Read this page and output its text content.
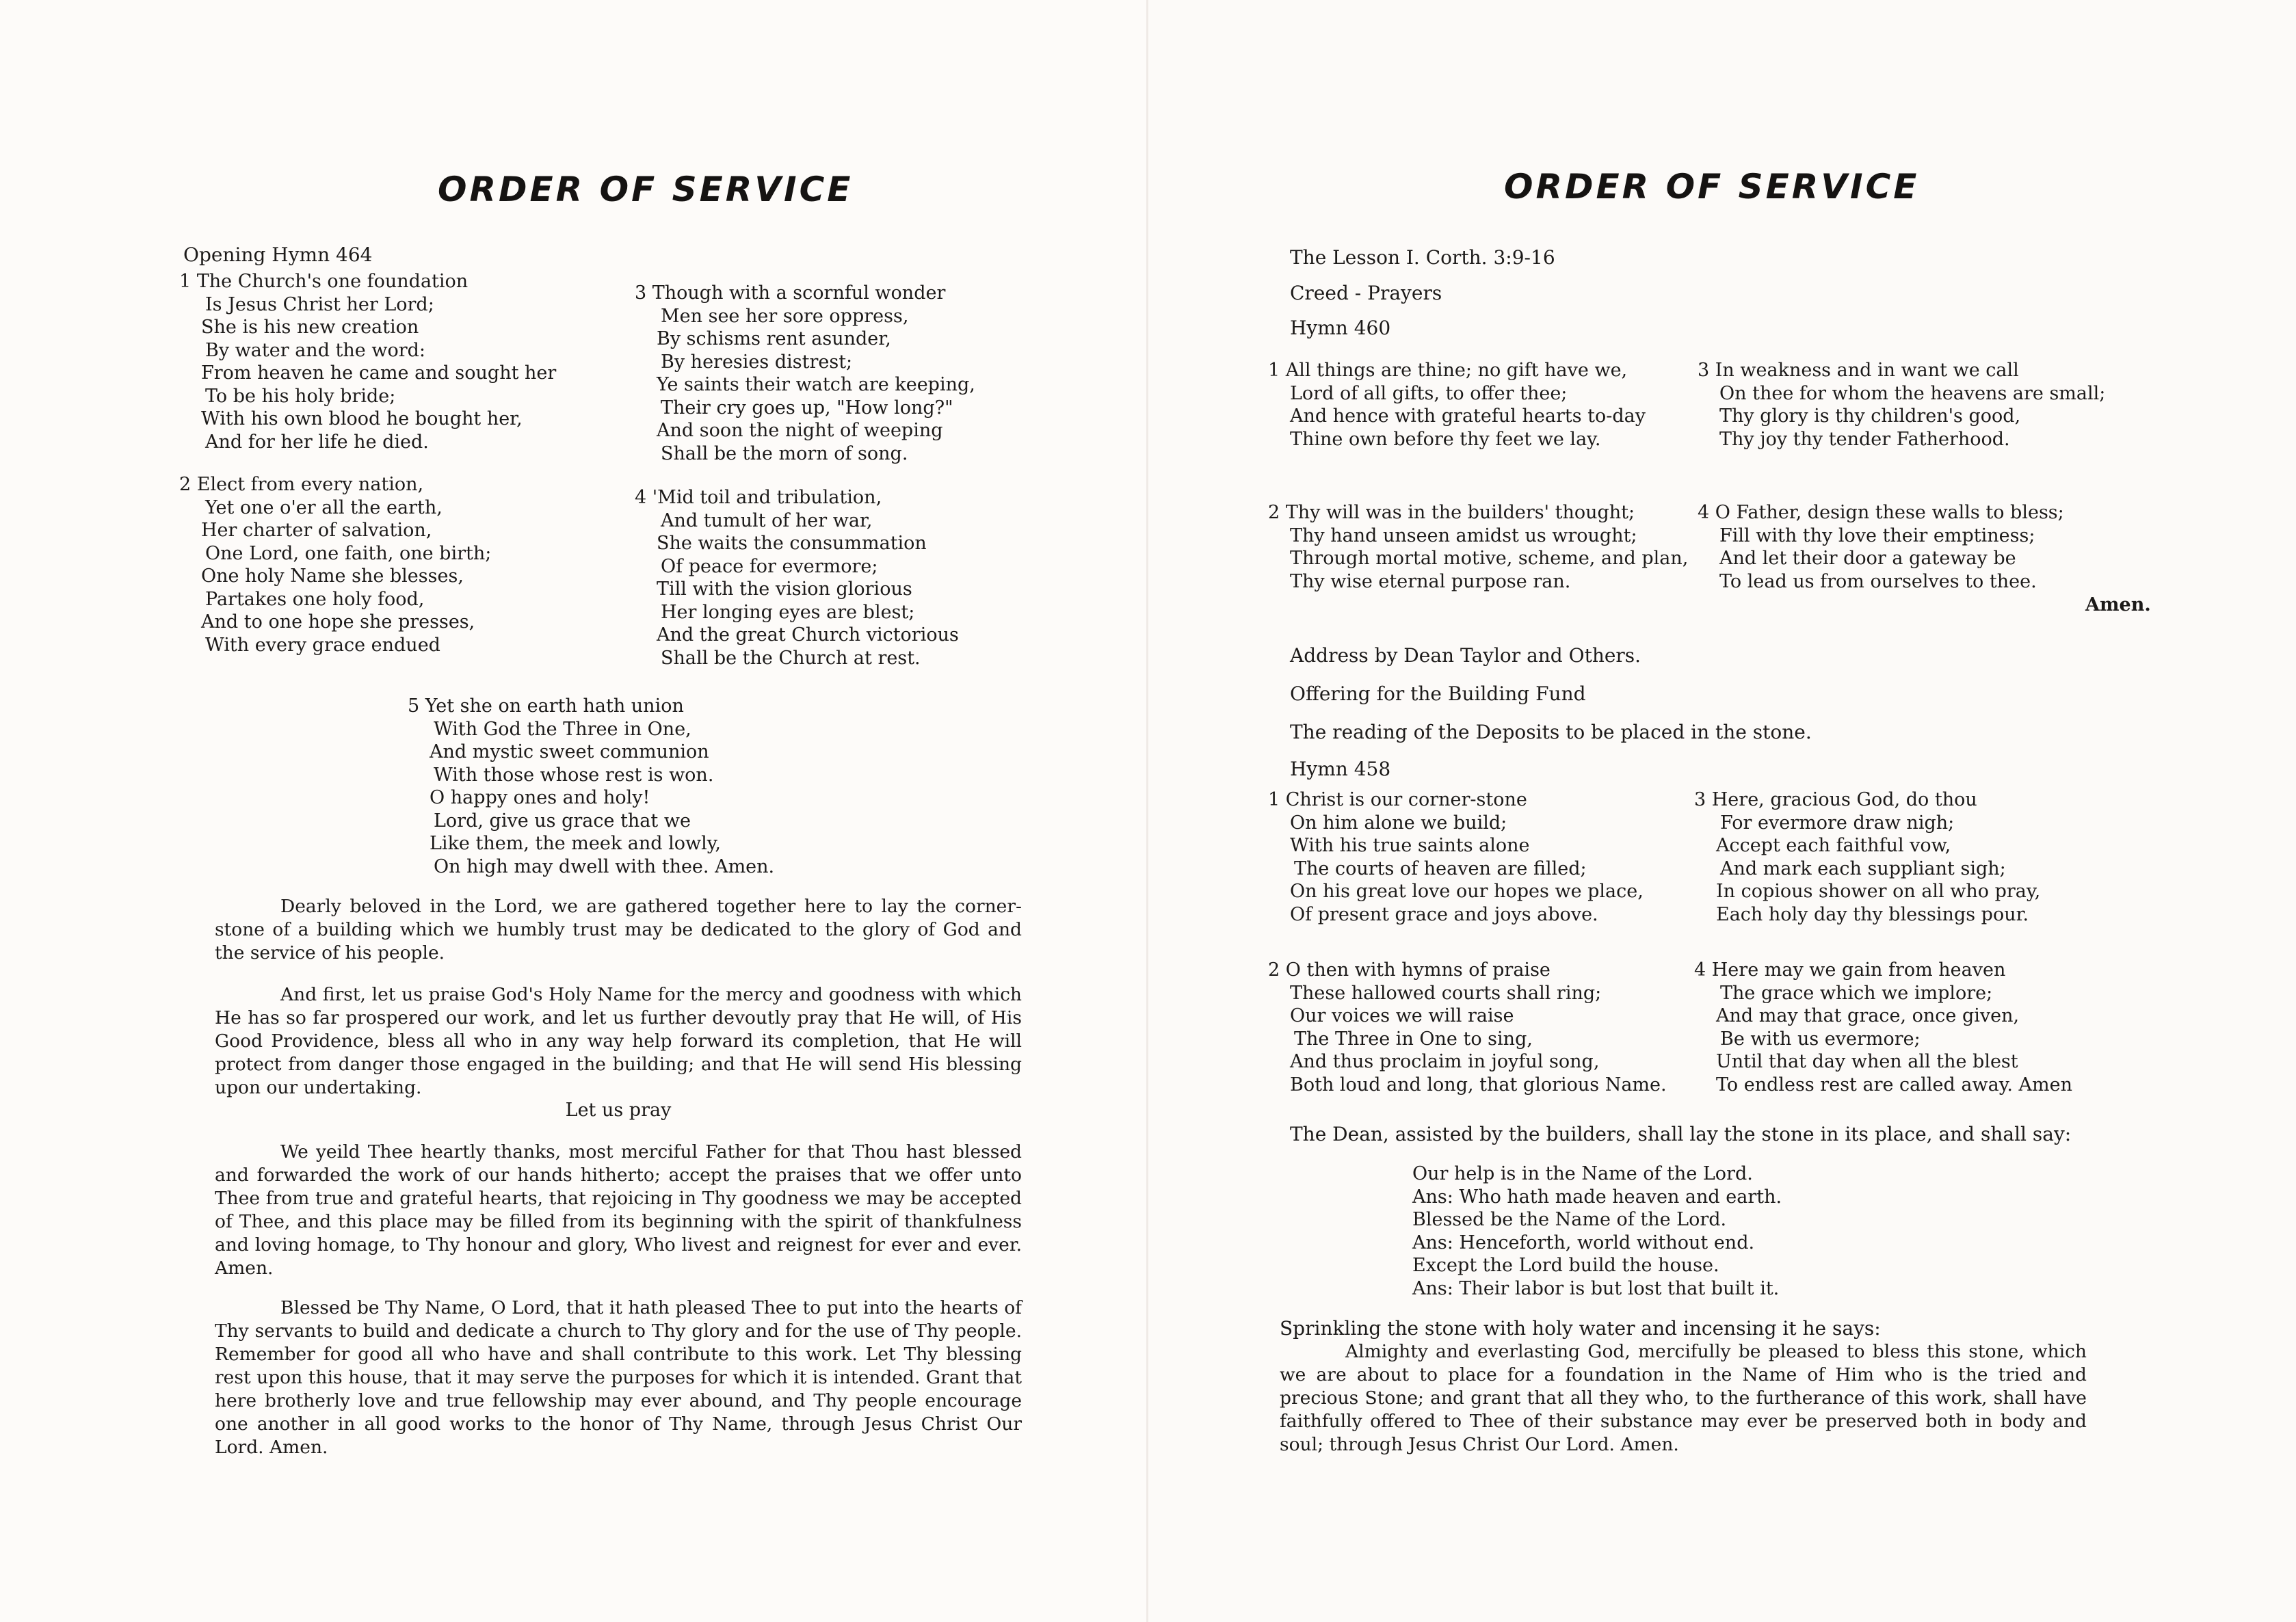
ORDER OF SERVICE
Opening Hymn 464
1 The Church's one foundation
Is Jesus Christ her Lord;
She is his new creation
By water and the word:
From heaven he came and sought her
To be his holy bride;
With his own blood he bought her,
And for her life he died.
2 Elect from every nation,
Yet one o'er all the earth,
Her charter of salvation,
One Lord, one faith, one birth;
One holy Name she blesses,
Partakes one holy food,
And to one hope she presses,
With every grace endued
3 Though with a scornful wonder
Men see her sore oppress,
By schisms rent asunder,
By heresies distrest;
Ye saints their watch are keeping,
Their cry goes up, "How long?"
And soon the night of weeping
Shall be the morn of song.
4 'Mid toil and tribulation,
And tumult of her war,
She waits the consummation
Of peace for evermore;
Till with the vision glorious
Her longing eyes are blest;
And the great Church victorious
Shall be the Church at rest.
5 Yet she on earth hath union
With God the Three in One,
And mystic sweet communion
With those whose rest is won.
O happy ones and holy!
Lord, give us grace that we
Like them, the meek and lowly,
On high may dwell with thee. Amen.

Dearly beloved in the Lord, we are gathered together here to lay the corner-stone of a building which we humbly trust may be dedicated to the glory of God and the service of his people.

And first, let us praise God's Holy Name for the mercy and goodness with which He has so far prospered our work, and let us further devoutly pray that He will, of His Good Providence, bless all who in any way help forward its completion, that He will protect from danger those engaged in the building; and that He will send His blessing upon our undertaking.

Let us pray

We yeild Thee heartly thanks, most merciful Father for that Thou hast blessed and forwarded the work of our hands hitherto; accept the praises that we offer unto Thee from true and grateful hearts, that rejoicing in Thy goodness we may be accepted of Thee, and this place may be filled from its beginning with the spirit of thankfulness and loving homage, to Thy honour and glory, Who livest and reignest for ever and ever. Amen.

Blessed be Thy Name, O Lord, that it hath pleased Thee to put into the hearts of Thy servants to build and dedicate a church to Thy glory and for the use of Thy people. Remember for good all who have and shall contribute to this work. Let Thy blessing rest upon this house, that it may serve the purposes for which it is intended. Grant that here brotherly love and true fellowship may ever abound, and Thy people encourage one another in all good works to the honor of Thy Name, through Jesus Christ Our Lord. Amen.

ORDER OF SERVICE
The Lesson I. Corth. 3:9-16
Creed - Prayers
Hymn 460
1 All things are thine; no gift have we,
Lord of all gifts, to offer thee;
And hence with grateful hearts to-day
Thine own before thy feet we lay.
2 Thy will was in the builders' thought;
Thy hand unseen amidst us wrought;
Through mortal motive, scheme, and plan,
Thy wise eternal purpose ran.
3 In weakness and in want we call
On thee for whom the heavens are small;
Thy glory is thy children's good,
Thy joy thy tender Fatherhood.
4 O Father, design these walls to bless;
Fill with thy love their emptiness;
And let their door a gateway be
To lead us from ourselves to thee.
Amen.
Address by Dean Taylor and Others.
Offering for the Building Fund
The reading of the Deposits to be placed in the stone.
Hymn 458
1 Christ is our corner-stone
On him alone we build;
With his true saints alone
The courts of heaven are filled;
On his great love our hopes we place,
Of present grace and joys above.
2 O then with hymns of praise
These hallowed courts shall ring;
Our voices we will raise
The Three in One to sing,
And thus proclaim in joyful song,
Both loud and long, that glorious Name.
3 Here, gracious God, do thou
For evermore draw nigh;
Accept each faithful vow,
And mark each suppliant sigh;
In copious shower on all who pray,
Each holy day thy blessings pour.
4 Here may we gain from heaven
The grace which we implore;
And may that grace, once given,
Be with us evermore;
Until that day when all the blest
To endless rest are called away. Amen
The Dean, assisted by the builders, shall lay the stone in its place, and shall say:
Our help is in the Name of the Lord.
Ans: Who hath made heaven and earth.
Blessed be the Name of the Lord.
Ans: Henceforth, world without end.
Except the Lord build the house.
Ans: Their labor is but lost that built it.
Sprinkling the stone with holy water and incensing it he says:

Almighty and everlasting God, mercifully be pleased to bless this stone, which we are about to place for a foundation in the Name of Him who is the tried and precious Stone; and grant that all they who, to the furtherance of this work, shall have faithfully offered to Thee of their substance may ever be preserved both in body and soul; through Jesus Christ Our Lord. Amen.
